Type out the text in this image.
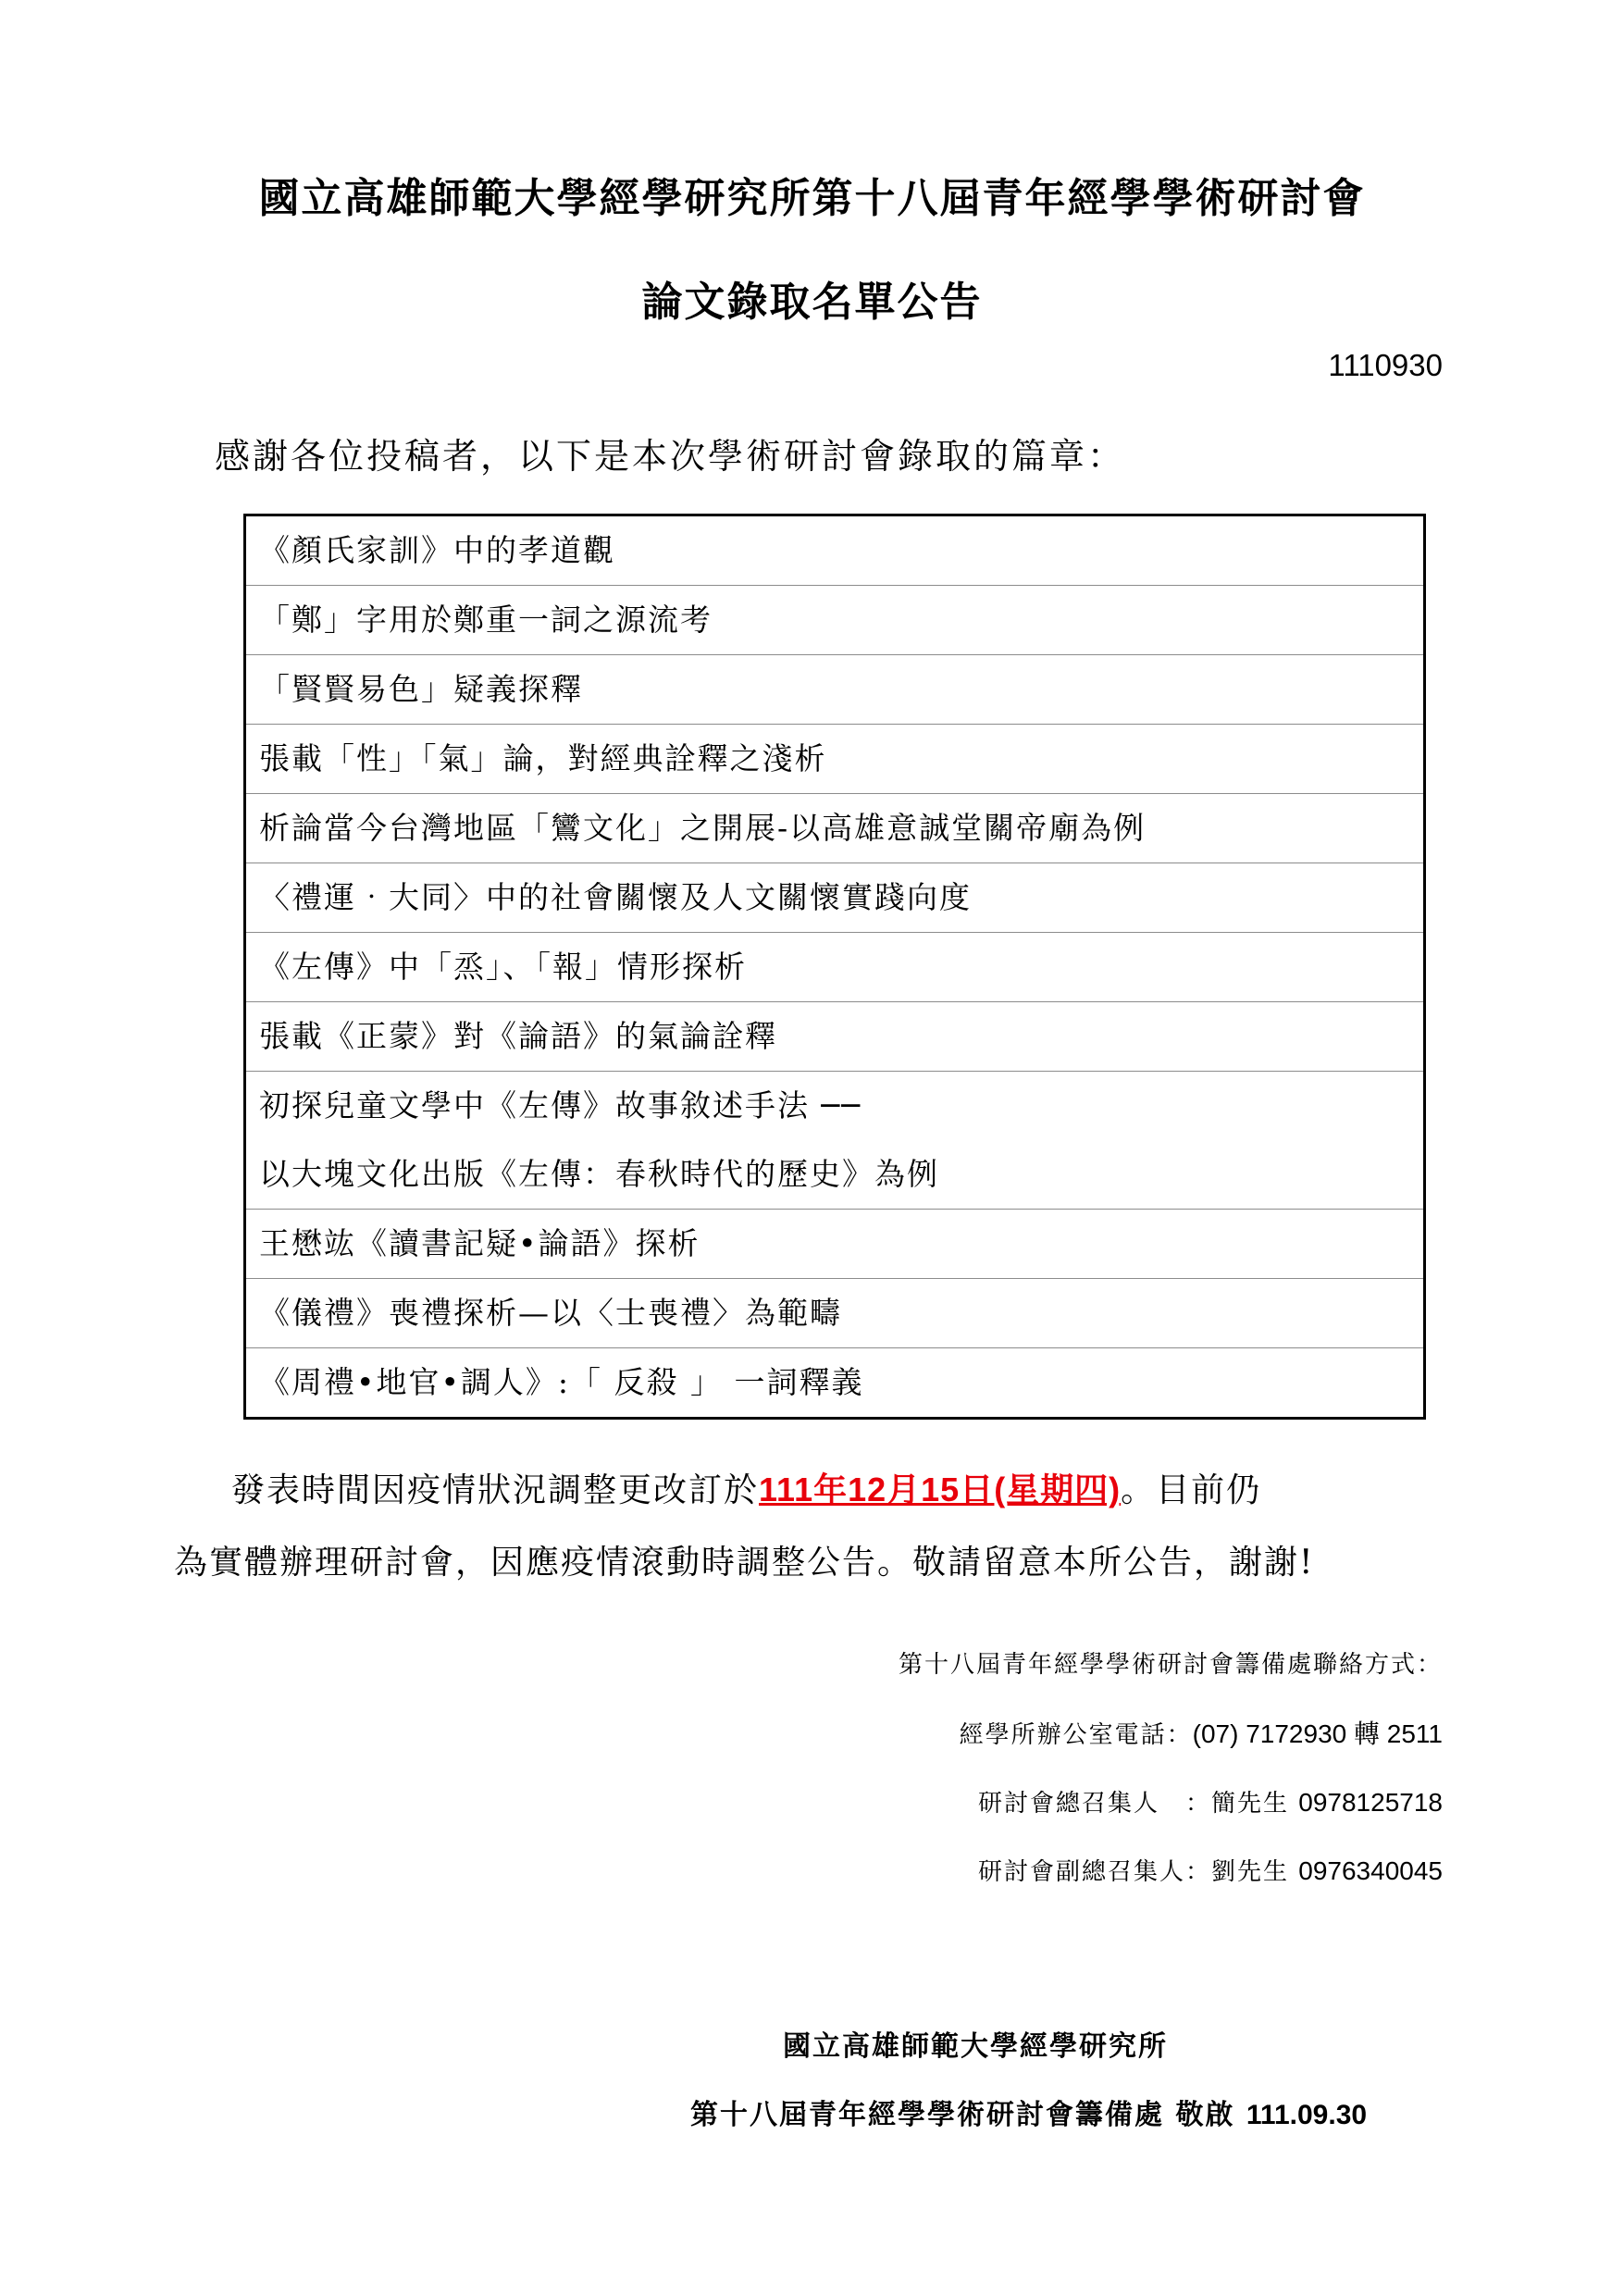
國立高雄師範大學經學研究所第十八屆青年經學學術研討會
論文錄取名單公告
1110930
感謝各位投稿者，以下是本次學術研討會錄取的篇章：
《顏氏家訓》中的孝道觀
「鄭」字用於鄭重一詞之源流考
「賢賢易色」疑義探釋
張載「性」「氣」論，對經典詮釋之淺析
析論當今台灣地區「鸞文化」之開展-以高雄意誠堂關帝廟為例
〈禮運‧大同〉中的社會關懷及人文關懷實踐向度
《左傳》中「烝」、「報」情形探析
張載《正蒙》對《論語》的氣論詮釋

初探兒童文學中《左傳》故事敘述手法 ──
以大塊文化出版《左傳：春秋時代的歷史》為例

王懋竑《讀書記疑•論語》探析
《儀禮》喪禮探析—以〈士喪禮〉為範疇
《周禮•地官•調人》:「 反殺 」 一詞釋義
發表時間因疫情狀況調整更改訂於111年12月15日(星期四)。目前仍
為實體辦理研討會，因應疫情滾動時調整公告。敬請留意本所公告，謝謝!
第十八屆青年經學學術研討會籌備處聯絡方式：
經學所辦公室電話：(07) 7172930 轉 2511
研討會總召集人　：簡先生 0978125718
研討會副總召集人：劉先生 0976340045
國立高雄師範大學經學研究所
第十八屆青年經學學術研討會籌備處 敬啟 111.09.30
